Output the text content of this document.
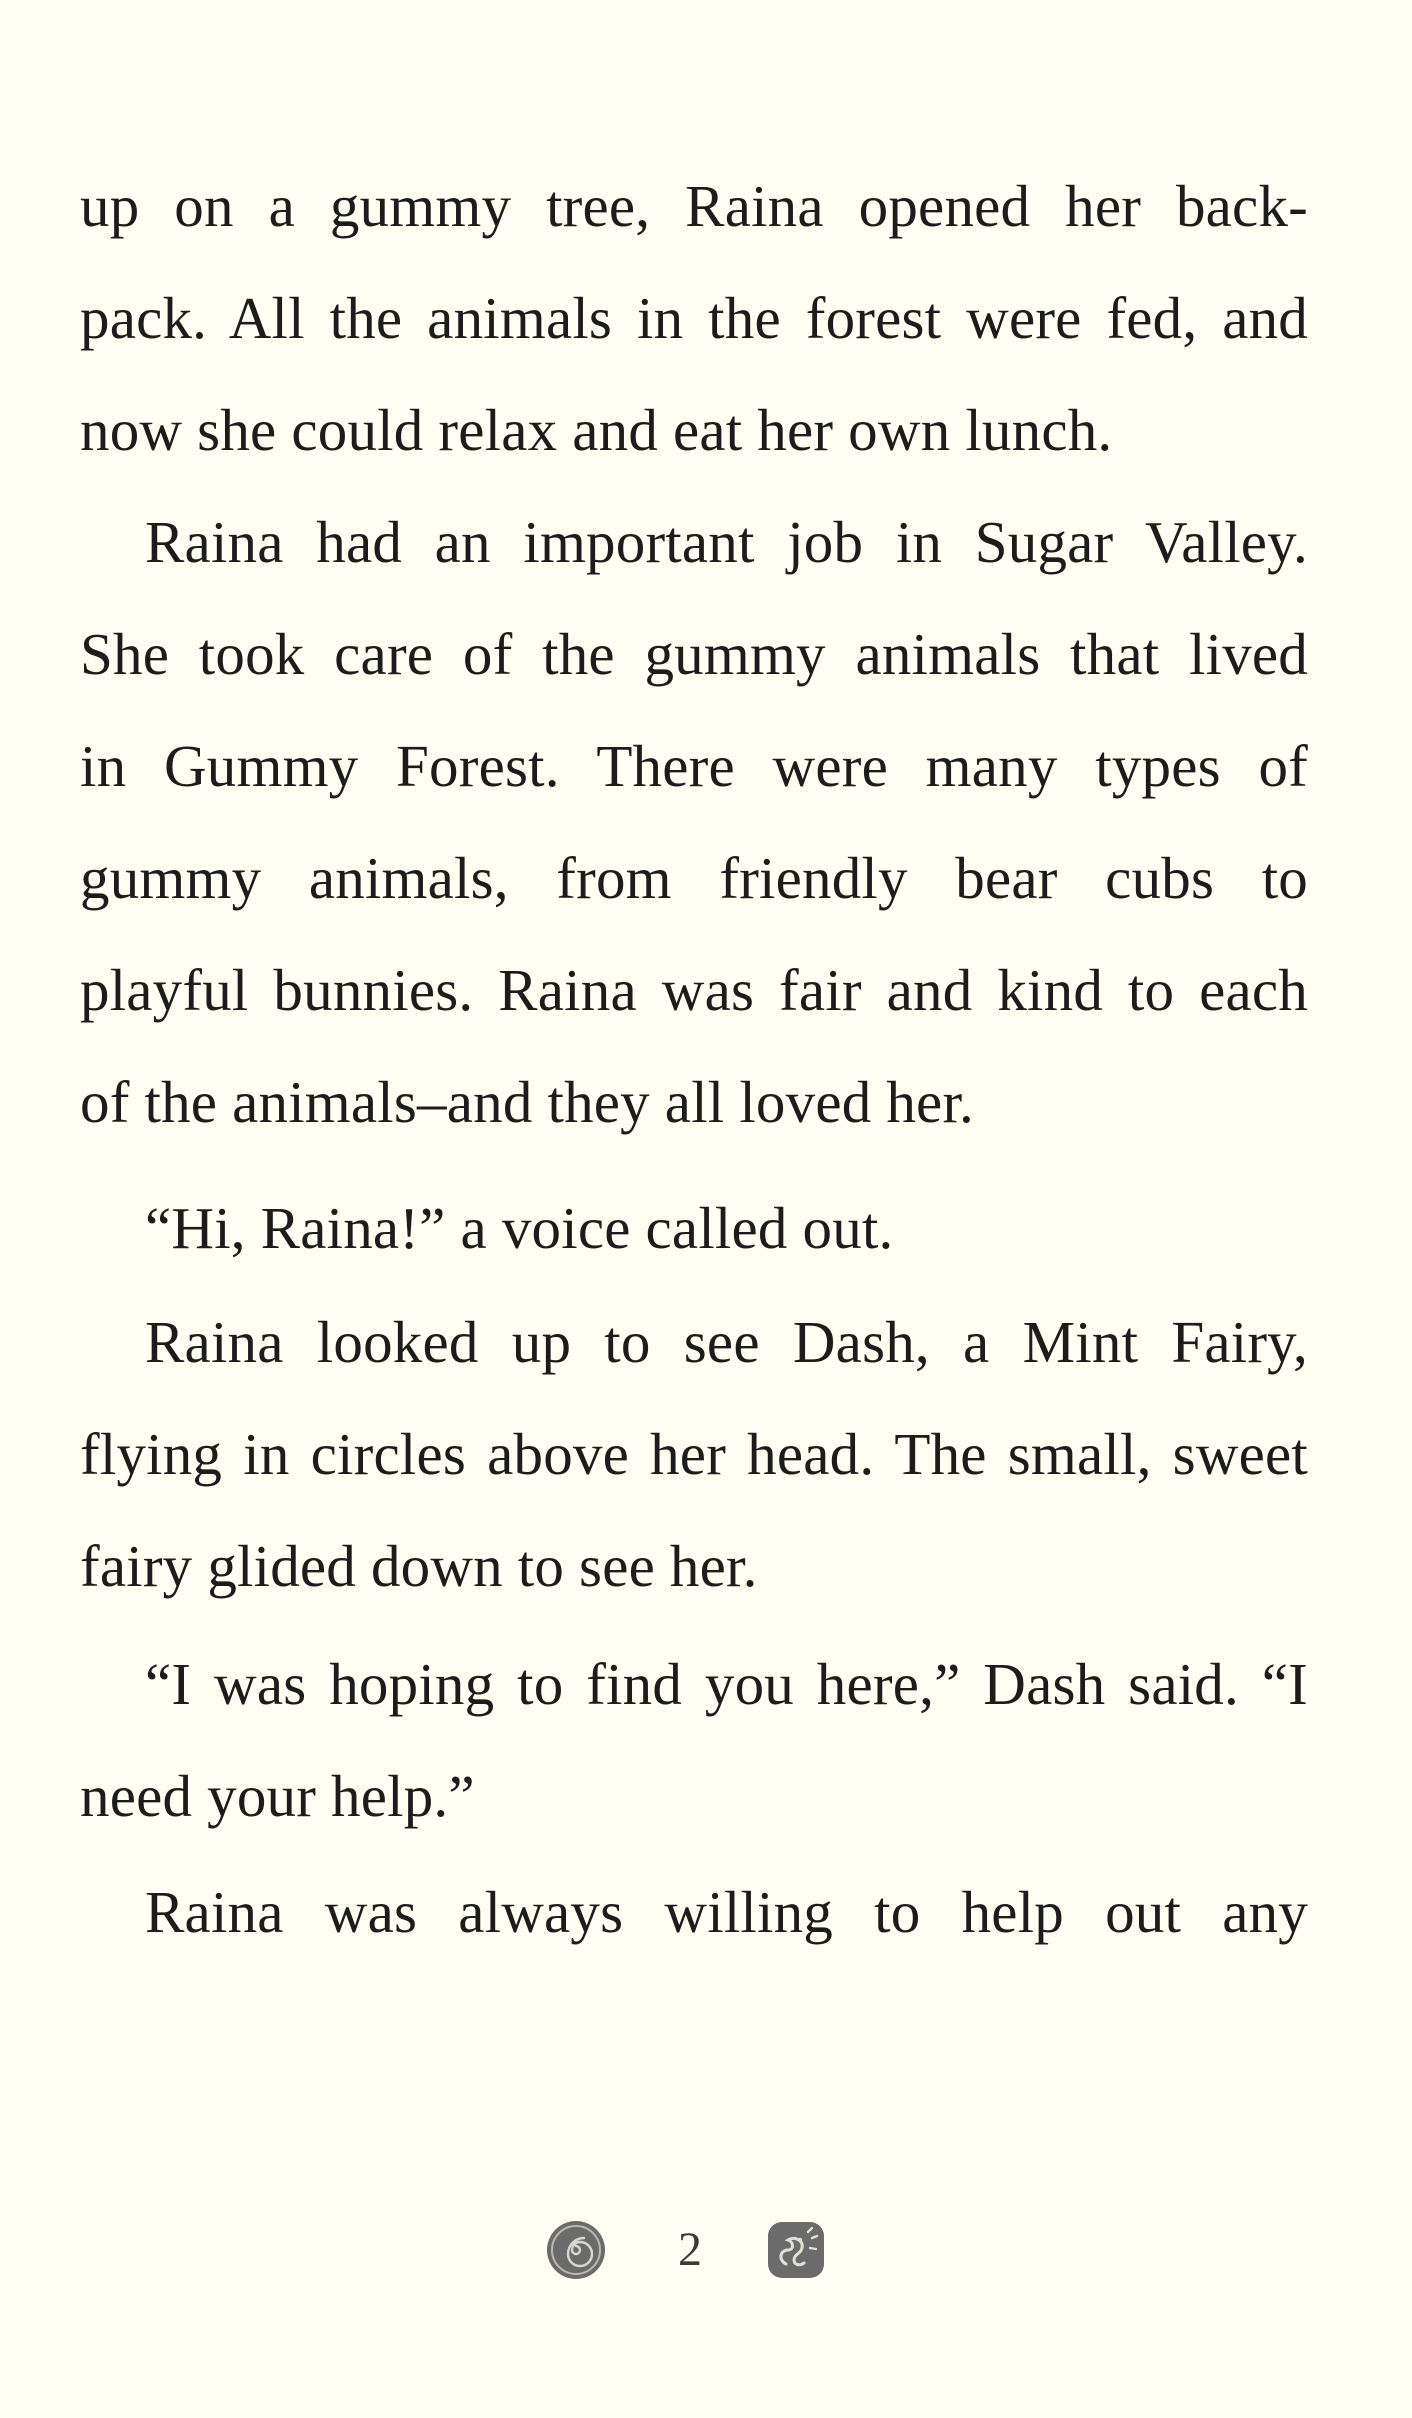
up on a gummy tree, Raina opened her back-
pack. All the animals in the forest were fed, and
now she could relax and eat her own lunch.
Raina had an important job in Sugar Valley.
She took care of the gummy animals that lived
in Gummy Forest. There were many types of
gummy animals, from friendly bear cubs to
playful bunnies. Raina was fair and kind to each
of the animals–and they all loved her.
“Hi, Raina!” a voice called out.
Raina looked up to see Dash, a Mint Fairy,
flying in circles above her head. The small, sweet
fairy glided down to see her.
“I was hoping to find you here,” Dash said. “I
need your help.”
Raina was always willing to help out any
2
